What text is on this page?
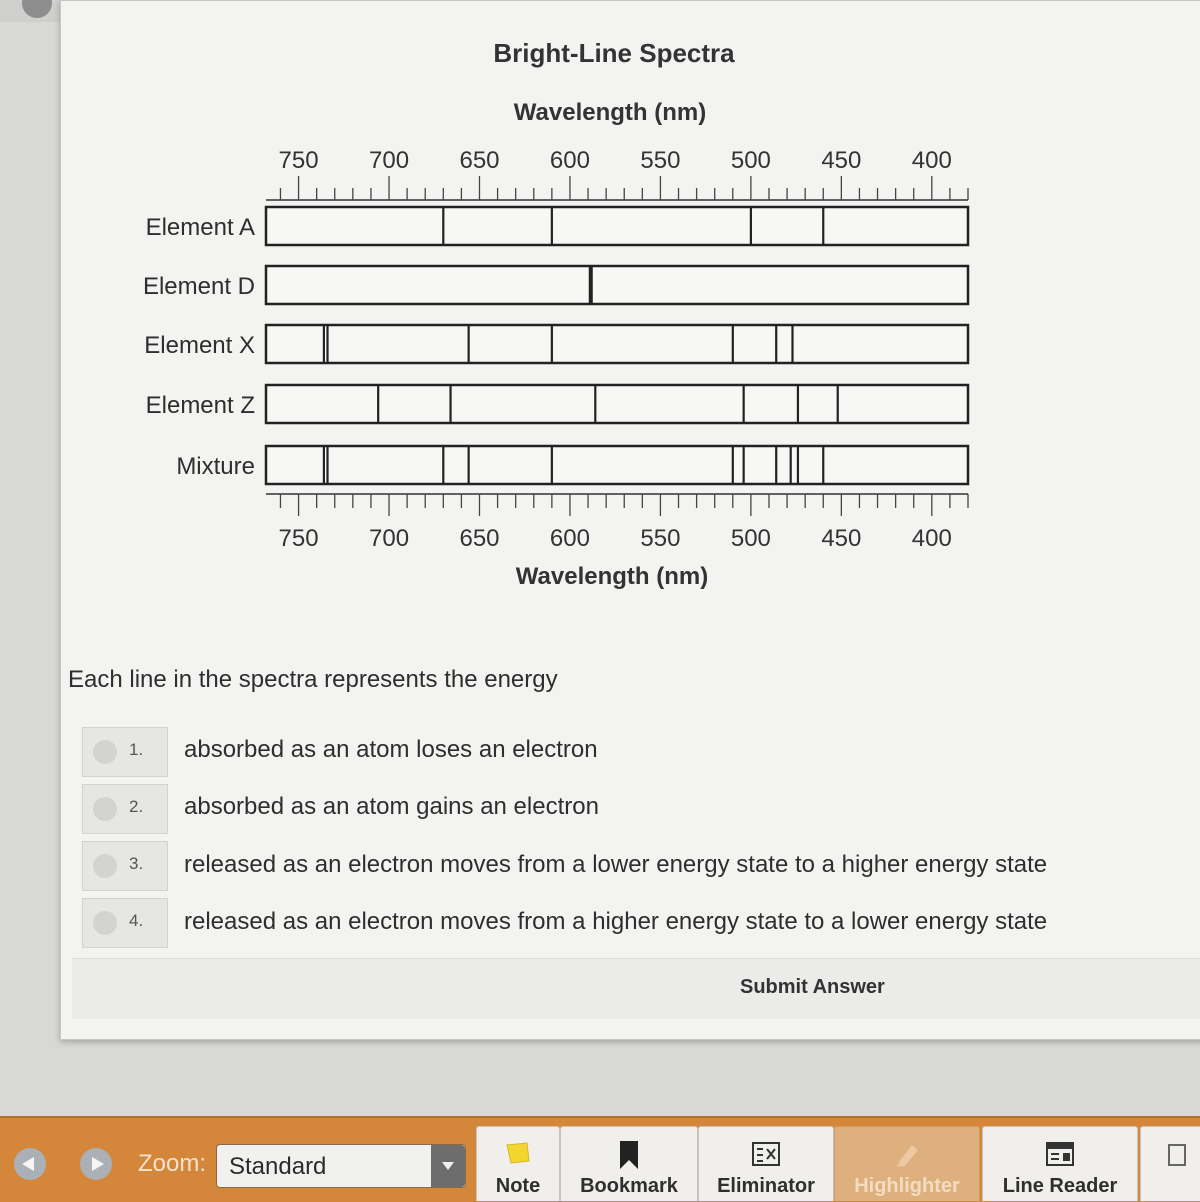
Bright-Line Spectra
Wavelength (nm)
Wavelength (nm)
750 700 650 600 550 500 450 400
750 700 650 600 550 500 450 400
Element A
Element D
Element X
Element Z
Mixture
Each line in the spectra represents the energy
1. absorbed as an atom loses an electron
2. absorbed as an atom gains an electron
3. released as an electron moves from a lower energy state to a higher energy state
4. released as an electron moves from a higher energy state to a lower energy state
Submit Answer
Zoom: Standard
Note	Bookmark	Eliminator	Highlighter	Line Reader
